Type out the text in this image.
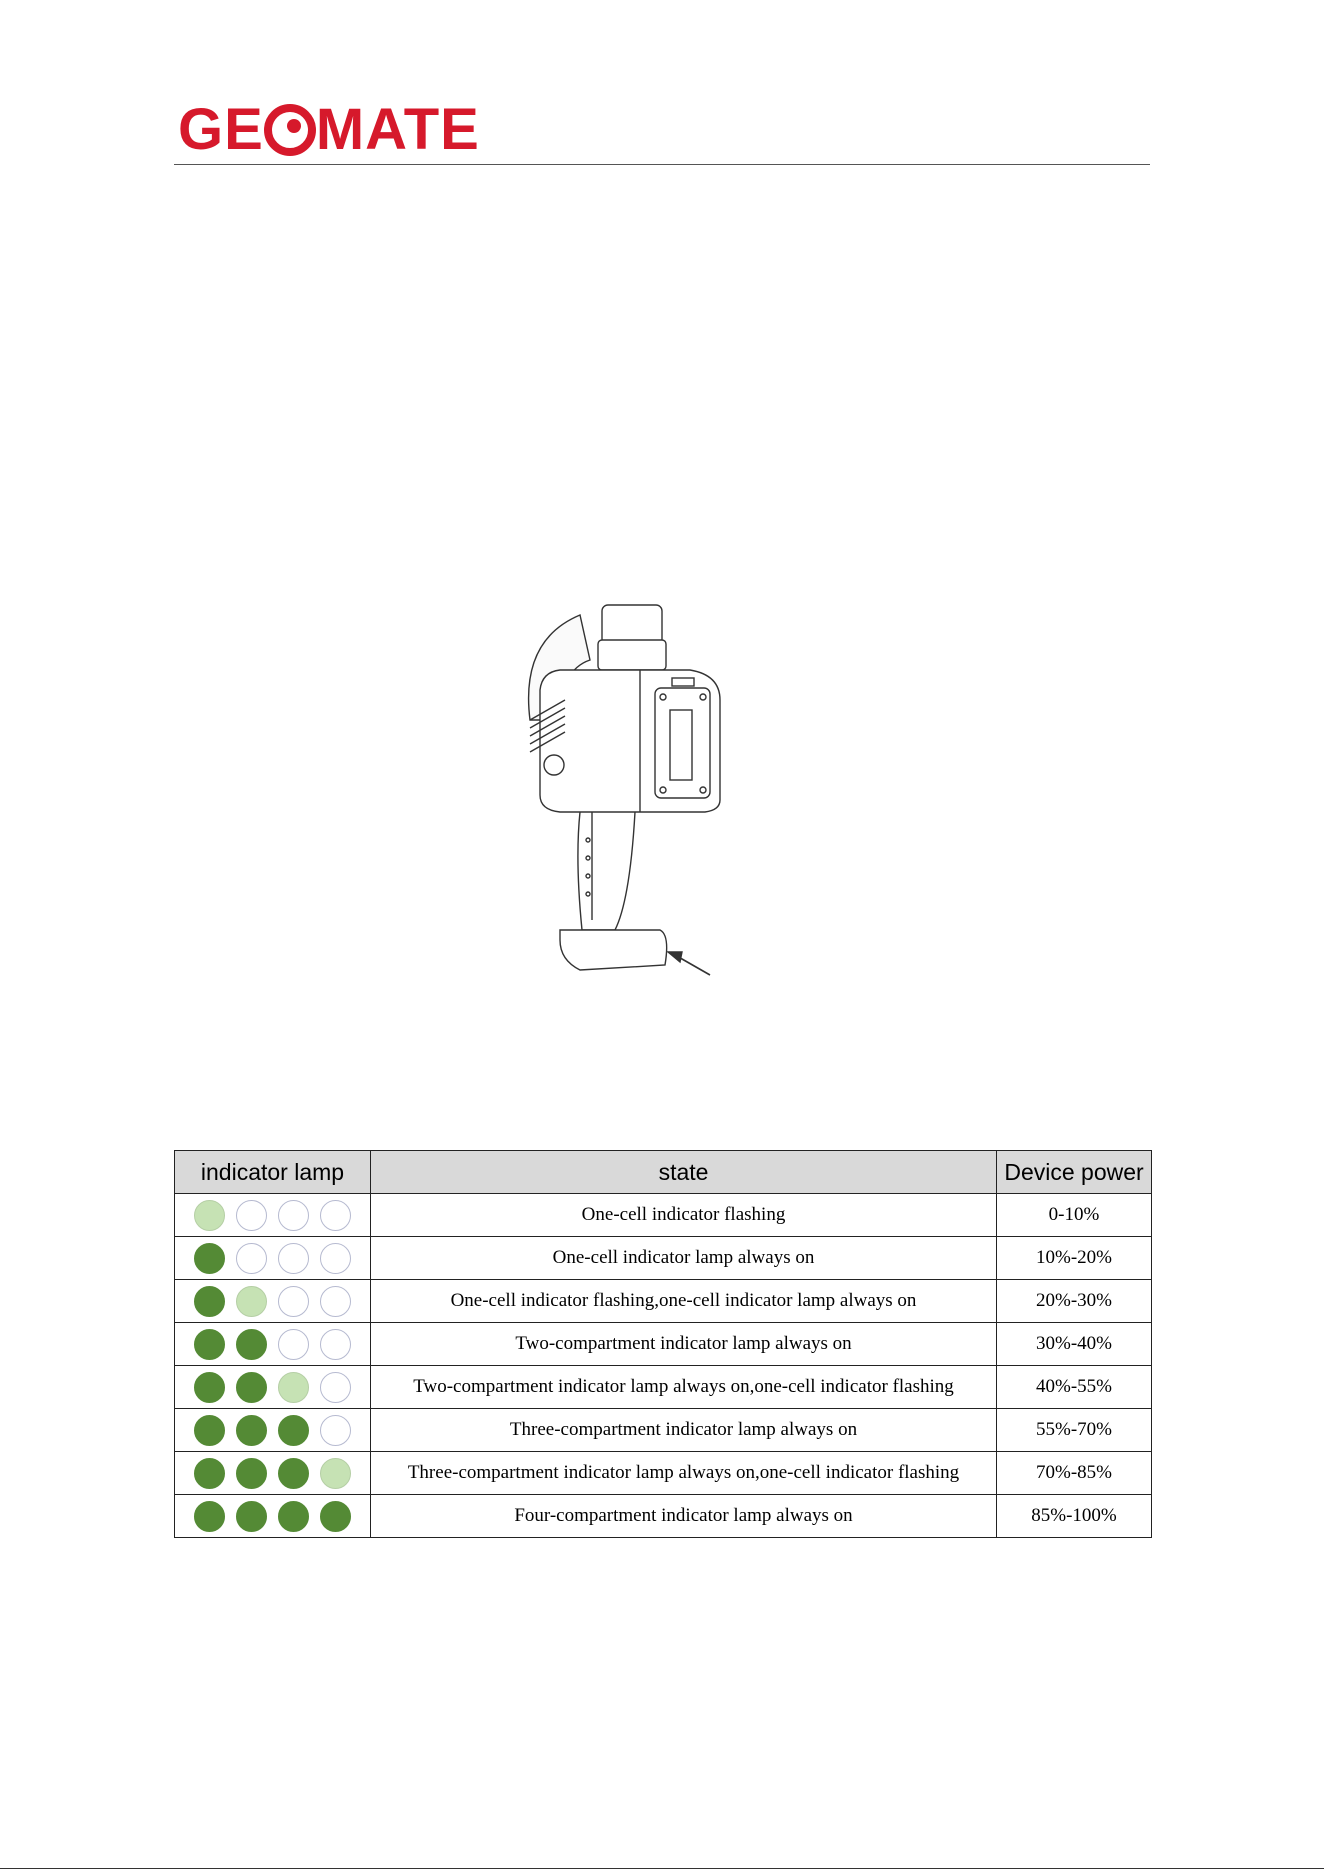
GE MATE
indicator lamp	state	Device power

	One-cell indicator flashing	0-10%

	One-cell indicator lamp always on	10%-20%

	One-cell indicator flashing,one-cell indicator lamp always on	20%-30%

	Two-compartment indicator lamp always on	30%-40%

	Two-compartment indicator lamp always on,one-cell indicator flashing	40%-55%

	Three-compartment indicator lamp always on	55%-70%

	Three-compartment indicator lamp always on,one-cell indicator flashing	70%-85%

	Four-compartment indicator lamp always on	85%-100%
